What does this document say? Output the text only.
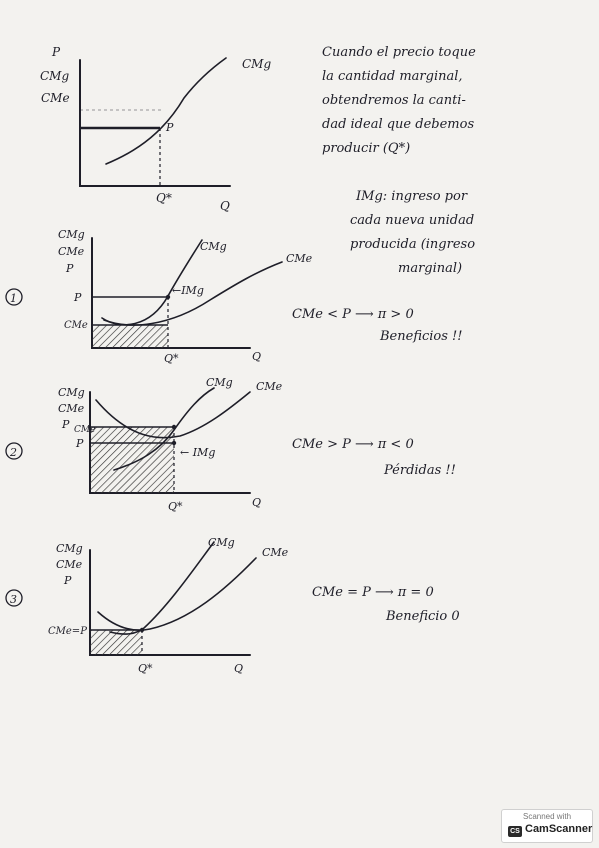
P
CMg
CMe
CMg
P
Q*
Q
Cuando el precio toque
la cantidad marginal,
obtendremos la canti-
dad ideal que debemos
producir (Q*)
IMg: ingreso por
cada nueva unidad
producida (ingreso
marginal)
1
CMg
CMe
P
CMg
CMe
P
CMe
←IMg
Q*	Q
CMe < P ⟶ π > 0
Beneficios !!
2
CMg
CMe
P
CMg CMe
CMe
P
← IMg
Q*	Q
CMe > P ⟶ π < 0
Pérdidas !!
3
CMg
CMe
P
CMg
CMe
CMe=P
Q*	Q
CMe = P ⟶ π = 0
Beneficio 0
Scanned with
CS CamScanner
